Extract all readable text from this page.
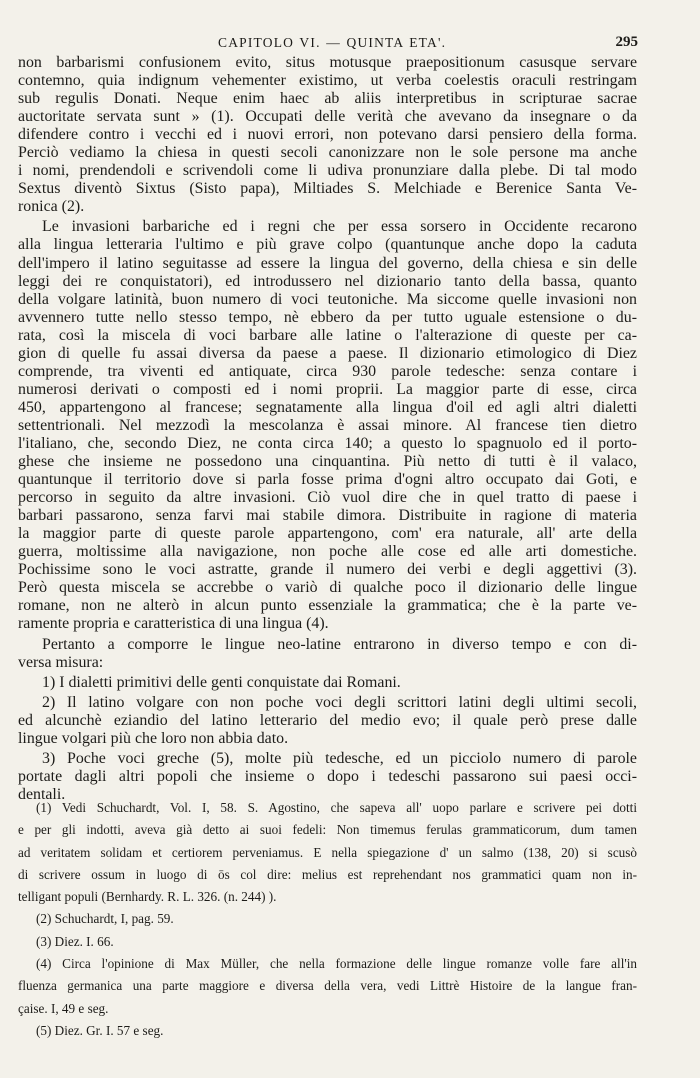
CAPITOLO VI. — QUINTA ETA'.	295
non barbarismi confusionem evito, situs motusque praepositionum casusque servare
contemno, quia indignum vehementer existimo, ut verba coelestis oraculi restringam
sub regulis Donati. Neque enim haec ab aliis interpretibus in scripturae sacrae
auctoritate servata sunt » (1). Occupati delle verità che avevano da insegnare o da
difendere contro i vecchi ed i nuovi errori, non potevano darsi pensiero della forma.
Perciò vediamo la chiesa in questi secoli canonizzare non le sole persone ma anche
i nomi, prendendoli e scrivendoli come li udiva pronunziare dalla plebe. Di tal modo
Sextus diventò Sixtus (Sisto papa), Miltiades S. Melchiade e Berenice Santa Ve-
ronica (2).
Le invasioni barbariche ed i regni che per essa sorsero in Occidente recarono
alla lingua letteraria l'ultimo e più grave colpo (quantunque anche dopo la caduta
dell'impero il latino seguitasse ad essere la lingua del governo, della chiesa e sin delle
leggi dei re conquistatori), ed introdussero nel dizionario tanto della bassa, quanto
della volgare latinità, buon numero di voci teutoniche. Ma siccome quelle invasioni non
avvennero tutte nello stesso tempo, nè ebbero da per tutto uguale estensione o du-
rata, così la miscela di voci barbare alle latine o l'alterazione di queste per ca-
gion di quelle fu assai diversa da paese a paese. Il dizionario etimologico di Diez
comprende, tra viventi ed antiquate, circa 930 parole tedesche: senza contare i
numerosi derivati o composti ed i nomi proprii. La maggior parte di esse, circa
450, appartengono al francese; segnatamente alla lingua d'oil ed agli altri dialetti
settentrionali. Nel mezzodì la mescolanza è assai minore. Al francese tien dietro
l'italiano, che, secondo Diez, ne conta circa 140; a questo lo spagnuolo ed il porto-
ghese che insieme ne possedono una cinquantina. Più netto di tutti è il valaco,
quantunque il territorio dove si parla fosse prima d'ogni altro occupato dai Goti, e
percorso in seguito da altre invasioni. Ciò vuol dire che in quel tratto di paese i
barbari passarono, senza farvi mai stabile dimora. Distribuite in ragione di materia
la maggior parte di queste parole appartengono, com' era naturale, all' arte della
guerra, moltissime alla navigazione, non poche alle cose ed alle arti domestiche.
Pochissime sono le voci astratte, grande il numero dei verbi e degli aggettivi (3).
Però questa miscela se accrebbe o variò di qualche poco il dizionario delle lingue
romane, non ne alterò in alcun punto essenziale la grammatica; che è la parte ve-
ramente propria e caratteristica di una lingua (4).
Pertanto a comporre le lingue neo-latine entrarono in diverso tempo e con di-
versa misura:
1) I dialetti primitivi delle genti conquistate dai Romani.
2) Il latino volgare con non poche voci degli scrittori latini degli ultimi secoli,
ed alcunchè eziandio del latino letterario del medio evo; il quale però prese dalle
lingue volgari più che loro non abbia dato.
3) Poche voci greche (5), molte più tedesche, ed un picciolo numero di parole
portate dagli altri popoli che insieme o dopo i tedeschi passarono sui paesi occi-
dentali.
(1) Vedi Schuchardt, Vol. I, 58. S. Agostino, che sapeva all' uopo parlare e scrivere pei dotti
e per gli indotti, aveva già detto ai suoi fedeli: Non timemus ferulas grammaticorum, dum tamen
ad veritatem solidam et certiorem perveniamus. E nella spiegazione d' un salmo (138, 20) si scusò
di scrivere ossum in luogo di ōs col dire: melius est reprehendant nos grammatici quam non in-
telligant populi (Bernhardy. R. L. 326. (n. 244) ).
(2) Schuchardt, I, pag. 59.
(3) Diez. I. 66.
(4) Circa l'opinione di Max Müller, che nella formazione delle lingue romanze volle fare all'in
fluenza germanica una parte maggiore e diversa della vera, vedi Littrè Histoire de la langue fran-
çaise. I, 49 e seg.
(5) Diez. Gr. I. 57 e seg.
